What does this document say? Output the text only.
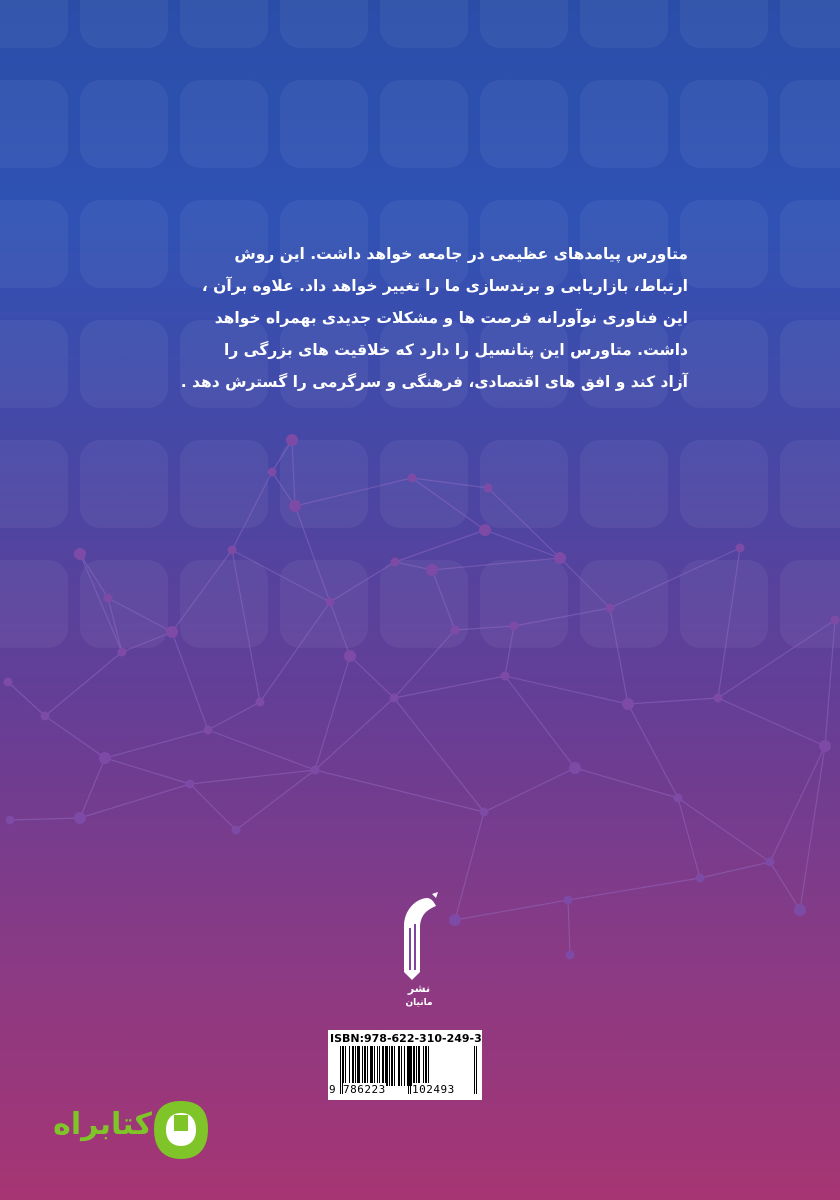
متاورس پیامدهای عظیمی در جامعه خواهد داشت. این روش
ارتباط، بازاریابی و برندسازی ما را تغییر خواهد داد. علاوه برآن ،
این فناوری نوآورانه فرصت ها و مشکلات جدیدی بهمراه خواهد
داشت. متاورس این پتانسیل را دارد که خلاقیت های بزرگی را
آزاد کند و افق های اقتصادی، فرهنگی و سرگرمی را گسترش دهد .
نشر
مانیان
ISBN:978-622-310-249-3
9 786223 102493
کتابراه
